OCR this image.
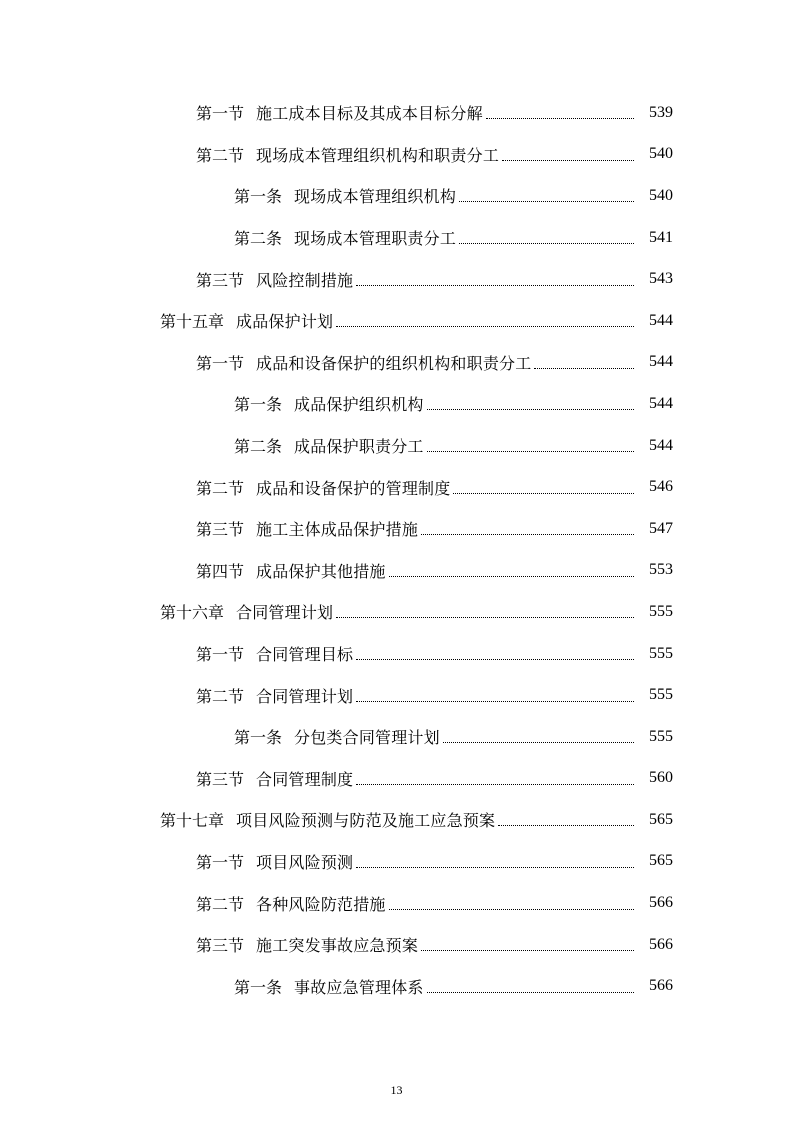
第一节 施工成本目标及其成本目标分解	539
第二节 现场成本管理组织机构和职责分工	540
第一条 现场成本管理组织机构	540
第二条 现场成本管理职责分工	541
第三节 风险控制措施	543
第十五章 成品保护计划	544
第一节 成品和设备保护的组织机构和职责分工	544
第一条 成品保护组织机构	544
第二条 成品保护职责分工	544
第二节 成品和设备保护的管理制度	546
第三节 施工主体成品保护措施	547
第四节 成品保护其他措施	553
第十六章 合同管理计划	555
第一节 合同管理目标	555
第二节 合同管理计划	555
第一条 分包类合同管理计划	555
第三节 合同管理制度	560
第十七章 项目风险预测与防范及施工应急预案	565
第一节 项目风险预测	565
第二节 各种风险防范措施	566
第三节 施工突发事故应急预案	566
第一条 事故应急管理体系	566
13
